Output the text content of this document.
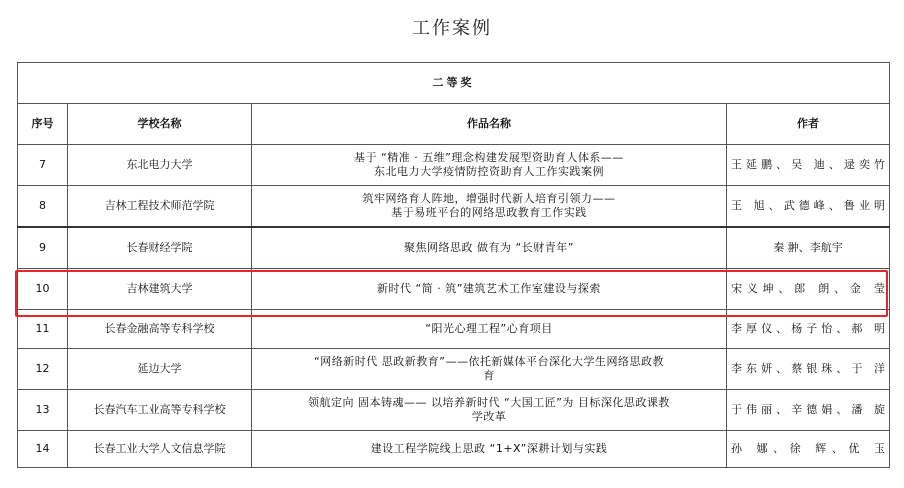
工作案例
二等奖			
序号	学校名称	作品名称	作者
7	东北电力大学	基于 “精准 · 五维”理念构建发展型资助育人体系——
东北电力大学疫情防控资助育人工作实践案例	王延鹏、吴 迪、逯奕竹
8	吉林工程技术师范学院	筑牢网络育人阵地，增强时代新人培育引领力——
基于易班平台的网络思政教育工作实践	王 旭、武德峰、鲁业明
9	长春财经学院	聚焦网络思政 做有为 “长财青年”	秦 翀、李航宇
10	吉林建筑大学	新时代 “简 · 筑”建筑艺术工作室建设与探索	宋义坤、郎 朗、金 莹
11	长春金融高等专科学校	“阳光心理工程”心育项目	李厚仪、杨子怡、郝 明
12	延边大学	“网络新时代 思政新教育”——依托新媒体平台深化大学生网络思政教
育	李东妍、蔡银珠、于 洋
13	长春汽车工业高等专科学校	领航定向 固本铸魂—— 以培养新时代 “大国工匠”为 目标深化思政课教
学改革	于伟丽、辛德娟、潘 旋
14	长春工业大学人文信息学院	建设工程学院线上思政 “1+X”深耕计划与实践	孙 娜、徐 辉、优 玉
